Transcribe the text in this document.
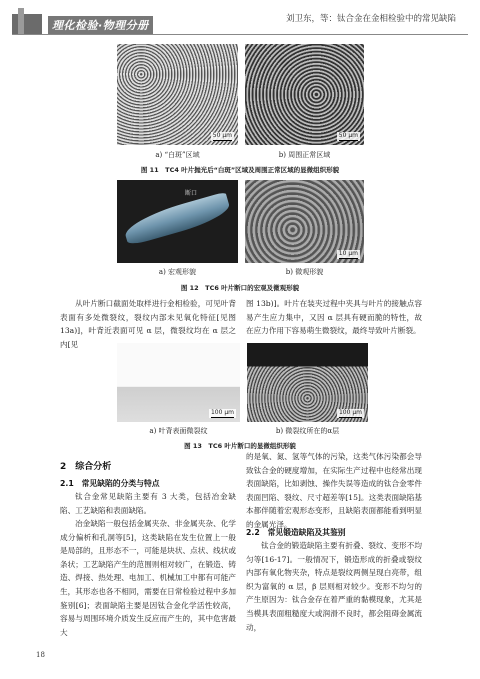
理化检验·物理分册	刘卫东，等：钛合金在金相检验中的常见缺陷
50 μm	50 μm
a) “白斑”区域	b) 周围正常区域
图 11　TC4 叶片抛光后“白斑”区域及周围正常区域的显微组织形貌
断口
10 μm
a) 宏观形貌	b) 微观形貌
图 12　TC6 叶片断口的宏观及微观形貌
从叶片断口截面处取样进行金相检验，可见叶背表面有多处微裂纹，裂纹内部未见氧化特征[见图13a)]，叶背近表面可见 α 层，微裂纹均在 α 层之内[见
图 13b)]。叶片在装夹过程中夹具与叶片的接触点容易产生应力集中，又因 α 层具有硬而脆的特性，故在应力作用下容易萌生微裂纹，最终导致叶片断裂。
100 μm	100 μm
a) 叶背表面微裂纹	b) 微裂纹所在的α层
图 13　TC6 叶片断口的显微组织形貌
2　综合分析
2.1　常见缺陷的分类与特点
钛合金常见缺陷主要有 3 大类，包括冶金缺陷、工艺缺陷和表面缺陷。
冶金缺陷一般包括金属夹杂、非金属夹杂、化学成分偏析和孔洞等[5]，这类缺陷在发生位置上一般是局部的，且形态不一，可能是块状、点状、线状或条状；工艺缺陷产生的范围则相对较广，在锻造、铸造、焊接、热处理、电加工、机械加工中都有可能产生，其形态也各不相同，需要在日常检验过程中多加鉴别[6]；表面缺陷主要是因钛合金化学活性较高，容易与周围环境介质发生反应而产生的，其中危害最大
的是氧、氮、氢等气体的污染，这类气体污染都会导致钛合金的硬度增加，在实际生产过程中也经常出现表面缺陷，比如剥蚀、操作失误等造成的钛合金零件表面凹陷、裂纹、尺寸超差等[15]。这类表面缺陷基本都伴随着宏观形态变形，且缺陷表面都能看到明显的金属光泽。
2.2　常见锻造缺陷及其鉴别
钛合金的锻造缺陷主要有折叠、裂纹、变形不均匀等[16-17]。一般情况下，锻造形成的折叠或裂纹内部有氧化物夹杂，特点是裂纹两侧呈现白亮带，组织为富氧的 α 层，β 层则相对较少。变形不均匀的产生原因为：钛合金存在着严重的黏模现象，尤其是当模具表面粗糙度大或润滑不良时，都会阻碍金属流动，
18
